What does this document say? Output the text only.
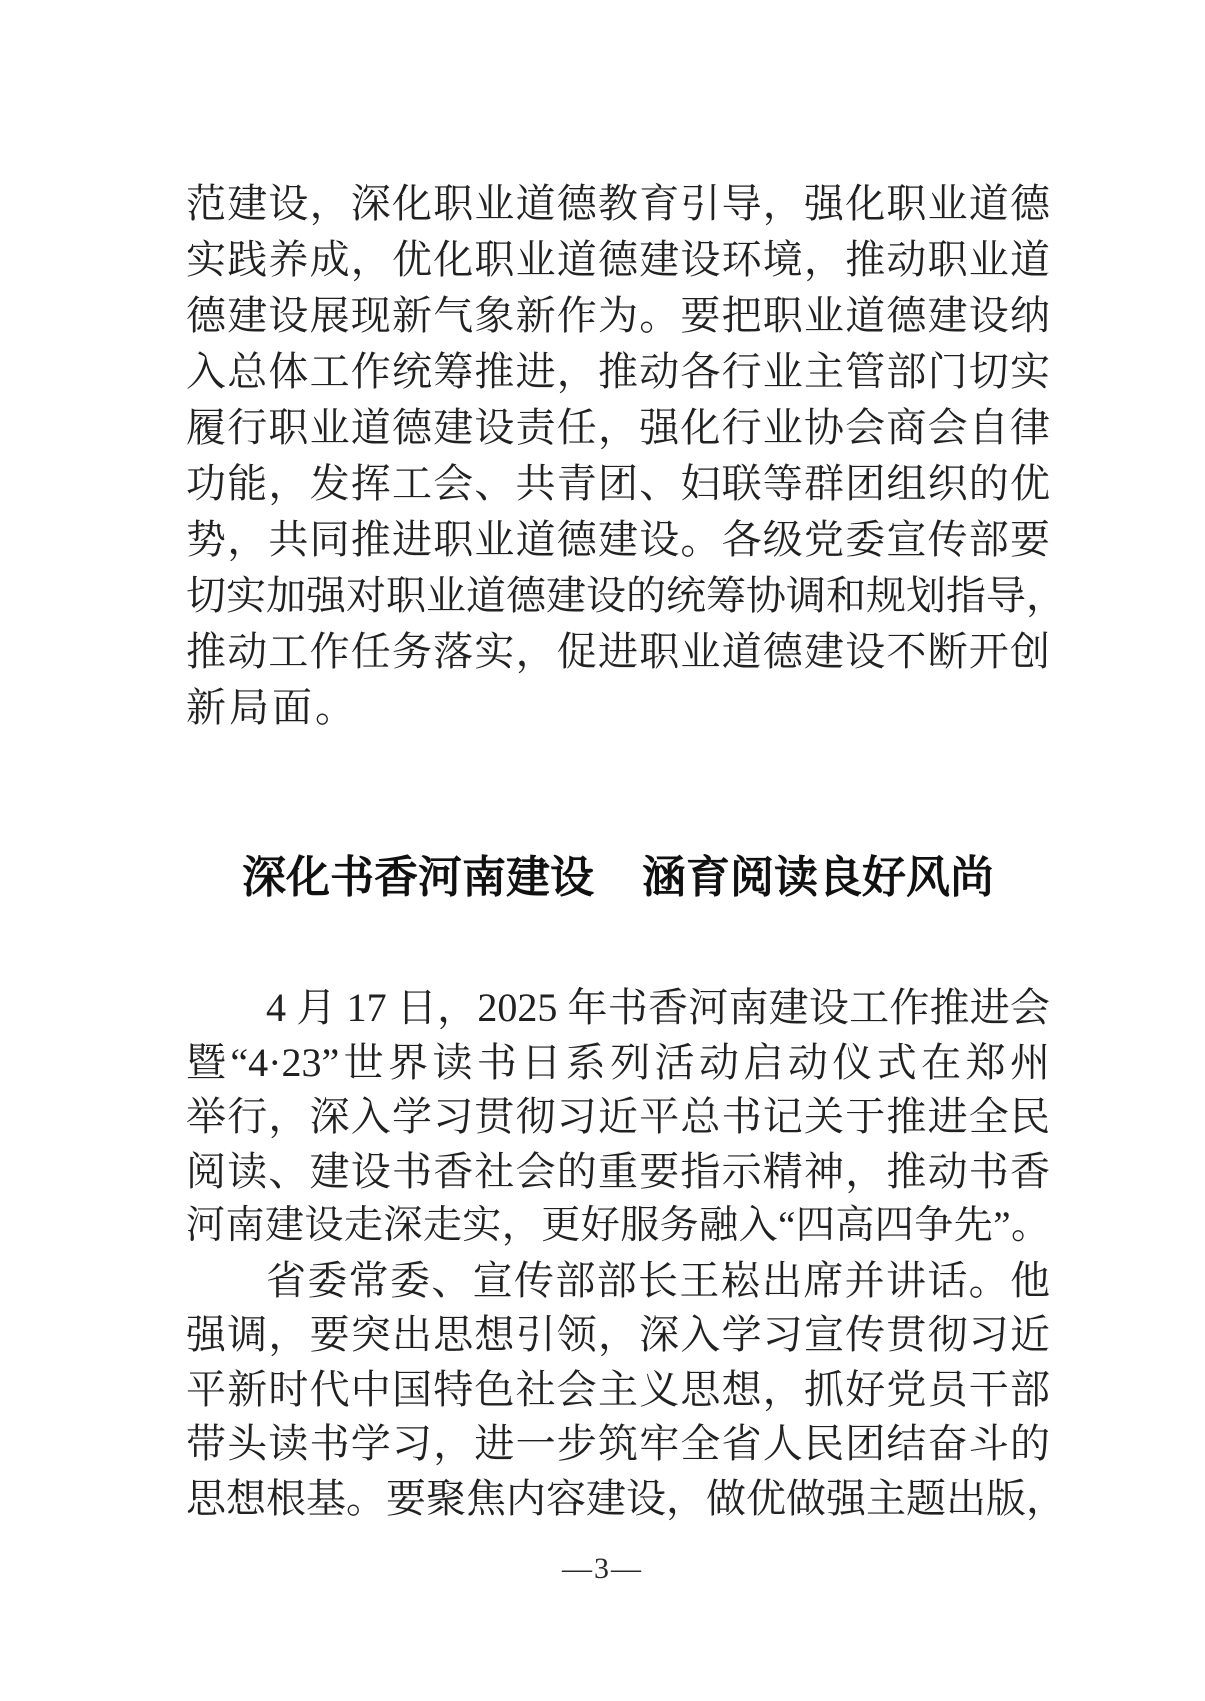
范建设，深化职业道德教育引导，强化职业道德
实践养成，优化职业道德建设环境，推动职业道
德建设展现新气象新作为。要把职业道德建设纳
入总体工作统筹推进，推动各行业主管部门切实
履行职业道德建设责任，强化行业协会商会自律
功能，发挥工会、共青团、妇联等群团组织的优
势，共同推进职业道德建设。各级党委宣传部要
切实加强对职业道德建设的统筹协调和规划指导，
推动工作任务落实，促进职业道德建设不断开创
新局面。
深化书香河南建设 涵育阅读良好风尚
4 月 17 日，2025 年书香河南建设工作推进会
暨“4·23”世界读书日系列活动启动仪式在郑州
举行，深入学习贯彻习近平总书记关于推进全民
阅读、建设书香社会的重要指示精神，推动书香
河南建设走深走实，更好服务融入“四高四争先”。
省委常委、宣传部部长王崧出席并讲话。他
强调，要突出思想引领，深入学习宣传贯彻习近
平新时代中国特色社会主义思想，抓好党员干部
带头读书学习，进一步筑牢全省人民团结奋斗的
思想根基。要聚焦内容建设，做优做强主题出版，
—3—
